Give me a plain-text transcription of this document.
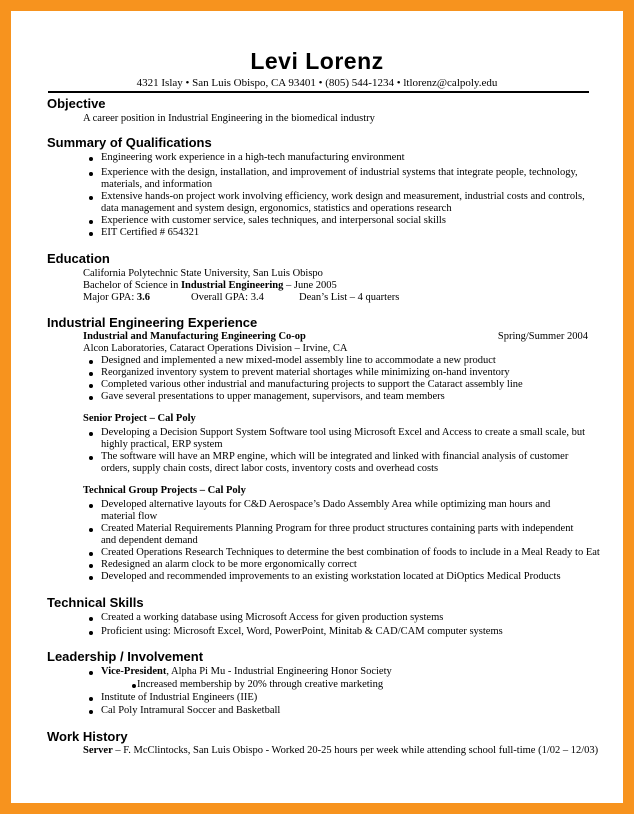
Levi Lorenz
4321 Islay • San Luis Obispo, CA 93401 • (805) 544-1234 • ltlorenz@calpoly.edu
Objective
A career position in Industrial Engineering in the biomedical industry
Summary of Qualifications
Engineering work experience in a high-tech manufacturing environment
Experience with the design, installation, and improvement of industrial systems that integrate people, technology,
materials, and information
Extensive hands-on project work involving efficiency, work design and measurement, industrial costs and controls,
data management and system design, ergonomics, statistics and operations research
Experience with customer service, sales techniques, and interpersonal social skills
EIT Certified # 654321
Education
California Polytechnic State University, San Luis Obispo
Bachelor of Science in Industrial Engineering – June 2005
Major GPA: 3.6	Overall GPA: 3.4	Dean’s List – 4 quarters
Industrial Engineering Experience
Industrial and Manufacturing Engineering Co-op	Spring/Summer 2004
Alcon Laboratories, Cataract Operations Division – Irvine, CA
Designed and implemented a new mixed-model assembly line to accommodate a new product
Reorganized inventory system to prevent material shortages while minimizing on-hand inventory
Completed various other industrial and manufacturing projects to support the Cataract assembly line
Gave several presentations to upper management, supervisors, and team members
Senior Project – Cal Poly
Developing a Decision Support System Software tool using Microsoft Excel and Access to create a small scale, but
highly practical, ERP system
The software will have an MRP engine, which will be integrated and linked with financial analysis of customer
orders, supply chain costs, direct labor costs, inventory costs and overhead costs
Technical Group Projects – Cal Poly
Developed alternative layouts for C&D Aerospace’s Dado Assembly Area while optimizing man hours and
material flow
Created Material Requirements Planning Program for three product structures containing parts with independent
and dependent demand
Created Operations Research Techniques to determine the best combination of foods to include in a Meal Ready to Eat
Redesigned an alarm clock to be more ergonomically correct
Developed and recommended improvements to an existing workstation located at DiOptics Medical Products
Technical Skills
Created a working database using Microsoft Access for given production systems
Proficient using: Microsoft Excel, Word, PowerPoint, Minitab & CAD/CAM computer systems
Leadership / Involvement
Vice-President, Alpha Pi Mu - Industrial Engineering Honor Society
Increased membership by 20% through creative marketing
Institute of Industrial Engineers (IIE)
Cal Poly Intramural Soccer and Basketball
Work History
Server – F. McClintocks, San Luis Obispo - Worked 20-25 hours per week while attending school full-time (1/02 – 12/03)
